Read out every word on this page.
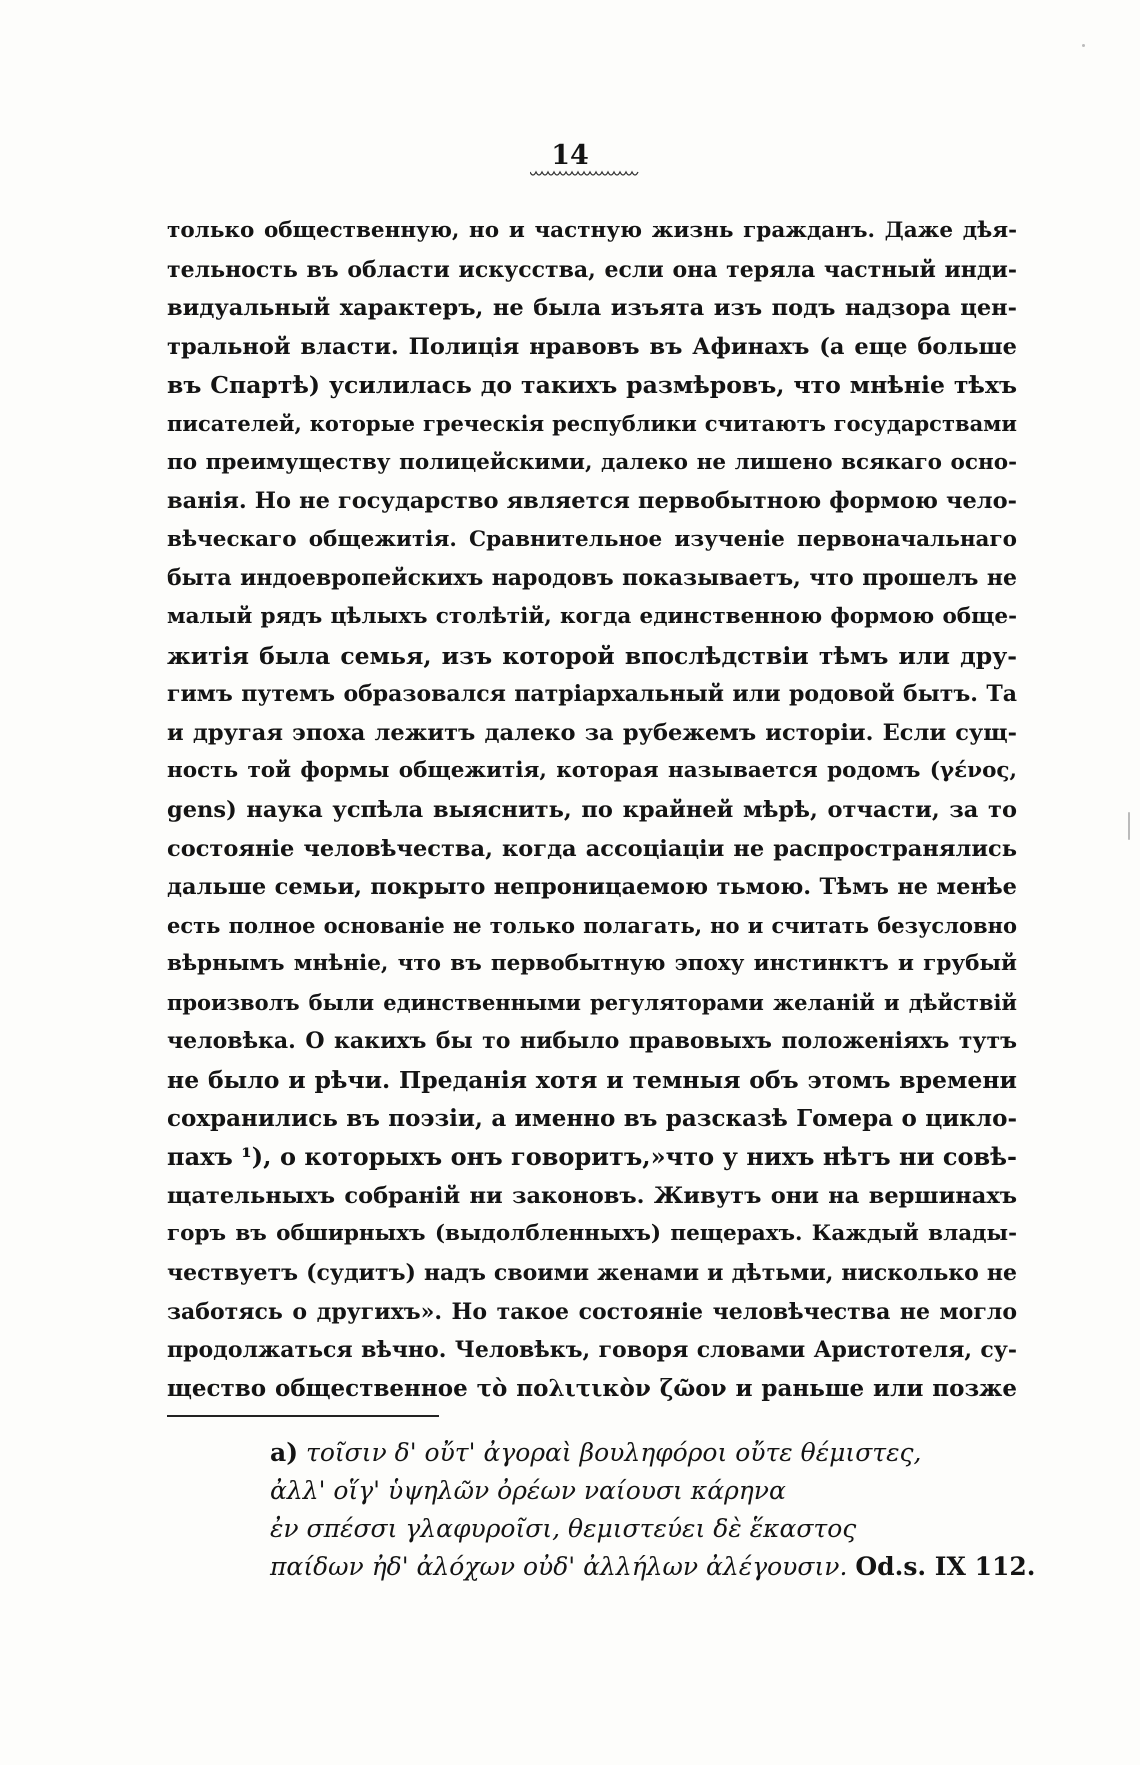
14
только общественную, но и частную жизнь гражданъ. Даже дѣя-
тельность въ области искусства, если она теряла частный инди-
видуальный характеръ, не была изъята изъ подъ надзора цен-
тральной власти. Полиція нравовъ въ Афинахъ (а еще больше
въ Спартѣ) усилилась до такихъ размѣровъ, что мнѣніе тѣхъ
писателей, которые греческія республики считаютъ государствами
по преимуществу полицейскими, далеко не лишено всякаго осно-
ванія. Но не государство является первобытною формою чело-
вѣческаго общежитія. Сравнительное изученіе первоначальнаго
быта индоевропейскихъ народовъ показываетъ, что прошелъ не
малый рядъ цѣлыхъ столѣтій, когда единственною формою обще-
житія была семья, изъ которой впослѣдствіи тѣмъ или дру-
гимъ путемъ образовался патріархальный или родовой бытъ. Та
и другая эпоха лежитъ далеко за рубежемъ исторіи. Если сущ-
ность той формы общежитія, которая называется родомъ (γένος,
gens) наука успѣла выяснить, по крайней мѣрѣ, отчасти, за то
состояніе человѣчества, когда ассоціаціи не распространялись
дальше семьи, покрыто непроницаемою тьмою. Тѣмъ не менѣе
есть полное основаніе не только полагать, но и считать безусловно
вѣрнымъ мнѣніе, что въ первобытную эпоху инстинктъ и грубый
произволъ были единственными регуляторами желаній и дѣйствій
человѣка. О какихъ бы то нибыло правовыхъ положеніяхъ тутъ
не было и рѣчи. Преданія хотя и темныя объ этомъ времени
сохранились въ поэзіи, а именно въ разсказѣ Гомера о цикло-
пахъ ¹), о которыхъ онъ говоритъ,»что у нихъ нѣтъ ни совѣ-
щательныхъ собраній ни законовъ. Живутъ они на вершинахъ
горъ въ обширныхъ (выдолбленныхъ) пещерахъ. Каждый влады-
чествуетъ (судитъ) надъ своими женами и дѣтьми, нисколько не
заботясь о другихъ». Но такое состояніе человѣчества не могло
продолжаться вѣчно. Человѣкъ, говоря словами Аристотеля, су-
щество общественное τὸ πολιτικὸν ζῶον и раньше или позже
а) τοῖσιν δ' οὔτ' ἀγοραὶ βουληφόροι οὔτε θέμιστες,
ἀλλ' οἵγ' ὑψηλῶν ὀρέων ναίουσι κάρηνα
ἐν σπέσσι γλαφυροῖσι, θεμιστεύει δὲ ἕκαστος
παίδων ἠδ' ἀλόχων οὐδ' ἀλλήλων ἀλέγουσιν. Od.s. IX 112.
